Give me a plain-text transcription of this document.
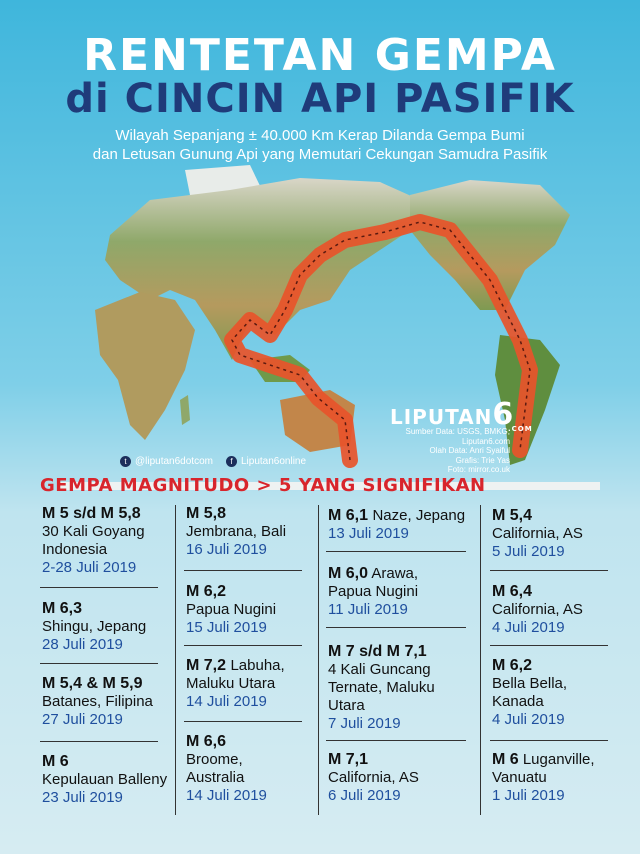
RENTETAN GEMPA
di CINCIN API PASIFIK
Wilayah Sepanjang ± 40.000 Km Kerap Dilanda Gempa Bumi
dan Letusan Gunung Api yang Memutari Cekungan Samudra Pasifik
LIPUTAN6
.COM
Sumber Data: USGS, BMKG,
Liputan6.com
Olah Data: Anri Syaiful
Grafis: Trie Yas
Foto: mirror.co.uk
t @liputan6dotcom	f Liputan6online
GEMPA MAGNITUDO > 5 YANG SIGNIFIKAN
M 5 s/d M 5,8
30 Kali Goyang Indonesia
2-28 Juli 2019
M 6,3
Shingu, Jepang
28 Juli 2019
M 5,4 & M 5,9
Batanes, Filipina
27 Juli 2019
M 6
Kepulauan Balleny
23 Juli 2019
M 5,8
Jembrana, Bali
16 Juli 2019
M 6,2
Papua Nugini
15 Juli 2019
M 7,2 Labuha, Maluku Utara
14 Juli 2019
M 6,6
Broome, Australia
14 Juli 2019
M 6,1 Naze, Jepang
13 Juli 2019
M 6,0 Arawa, Papua Nugini
11 Juli 2019
M 7 s/d M 7,1
4 Kali Guncang Ternate, Maluku Utara
7 Juli 2019
M 7,1
California, AS
6 Juli 2019
M 5,4
California, AS
5 Juli 2019
M 6,4
California, AS
4 Juli 2019
M 6,2
Bella Bella, Kanada
4 Juli 2019
M 6 Luganville, Vanuatu
1 Juli 2019
